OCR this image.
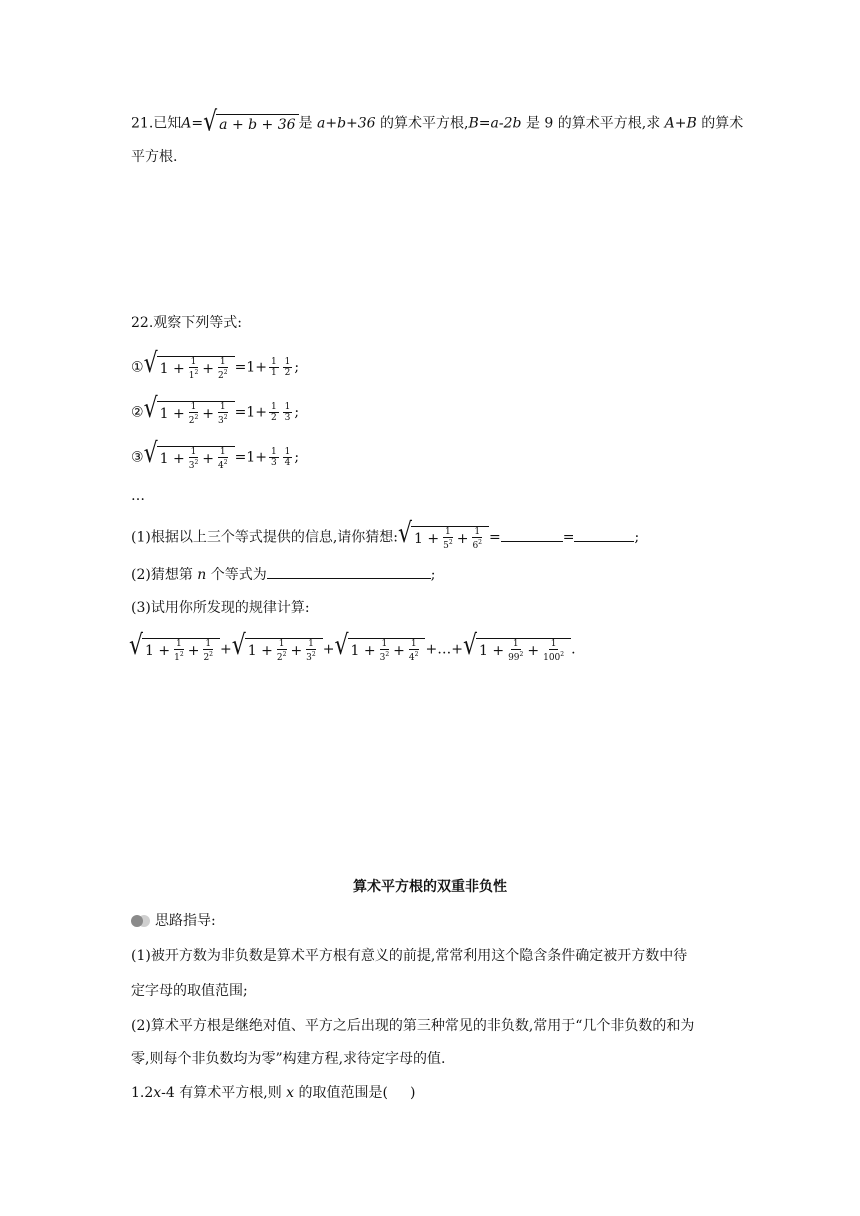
21.已知A= √ a + b + 36 是 a+b+36 的算术平方根,B=a-2b 是 9 的算术平方根,求 A+B 的算术
平方根.
22.观察下列等式:
① √ 1
+ $\frac{1}{1^2} + \frac{1}{2^2} =1+ \frac{1}{1} \frac{1}{2}$ ;
② √ 1
+ $\frac{1}{2^2} + \frac{1}{3^2} =1+ \frac{1}{2} \frac{1}{3}$ ;
③ √ 1
+ $\frac{1}{3^2} + \frac{1}{4^2} =1+ \frac{1}{3} \frac{1}{4}$ ;
…
(1)根据以上三个等式提供的信息,请你猜想: √ 1
+ $\frac{1}{5^2} + \frac{1}{6^2}$ =	=	;
(2)猜想第 n 个等式为	;
(3)试用你所发现的规律计算:
√ 1
+ $\frac{1}{1^2} + \frac{1}{2^2}$ + √ 1
+ $\frac{1}{2^2} + \frac{1}{3^2}$ + √ 1
+ $\frac{1}{3^2} + \frac{1}{4^2}$ +…+ √ 1
+ $\frac{1}{99^2} + \frac{1}{100^2}$ .
算术平方根的双重非负性
思路指导:
(1)被开方数为非负数是算术平方根有意义的前提,常常利用这个隐含条件确定被开方数中待
定字母的取值范围;
(2)算术平方根是继绝对值、平方之后出现的第三种常见的非负数,常用于“几个非负数的和为
零,则每个非负数均为零”构建方程,求待定字母的值.
1.2x-4 有算术平方根,则 x 的取值范围是( )
